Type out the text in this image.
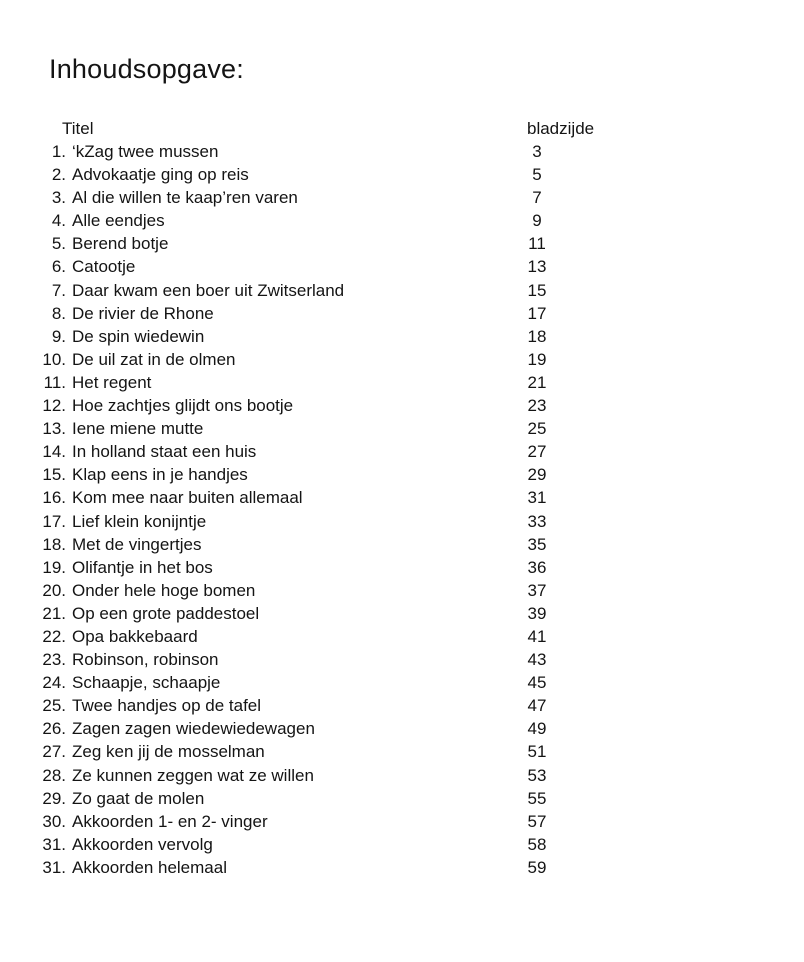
Inhoudsopgave:
Titel	bladzijde
1. ‘kZag twee mussen	3
2. Advokaatje ging op reis	5
3. Al die willen te kaap’ren varen	7
4. Alle eendjes	9
5. Berend botje	11
6. Catootje	13
7. Daar kwam een boer uit Zwitserland	15
8. De rivier de Rhone	17
9. De spin wiedewin	18
10. De uil zat in de olmen	19
11. Het regent	21
12. Hoe zachtjes glijdt ons bootje	23
13. Iene miene mutte	25
14. In holland staat een huis	27
15. Klap eens in je handjes	29
16. Kom mee naar buiten allemaal	31
17. Lief klein konijntje	33
18. Met de vingertjes	35
19. Olifantje in het bos	36
20. Onder hele hoge bomen	37
21. Op een grote paddestoel	39
22. Opa bakkebaard	41
23. Robinson, robinson	43
24. Schaapje, schaapje	45
25. Twee handjes op de tafel	47
26. Zagen zagen wiedewiedewagen	49
27. Zeg ken jij de mosselman	51
28. Ze kunnen zeggen wat ze willen	53
29. Zo gaat de molen	55
30. Akkoorden 1- en 2- vinger	57
31. Akkoorden vervolg	58
31. Akkoorden helemaal	59
